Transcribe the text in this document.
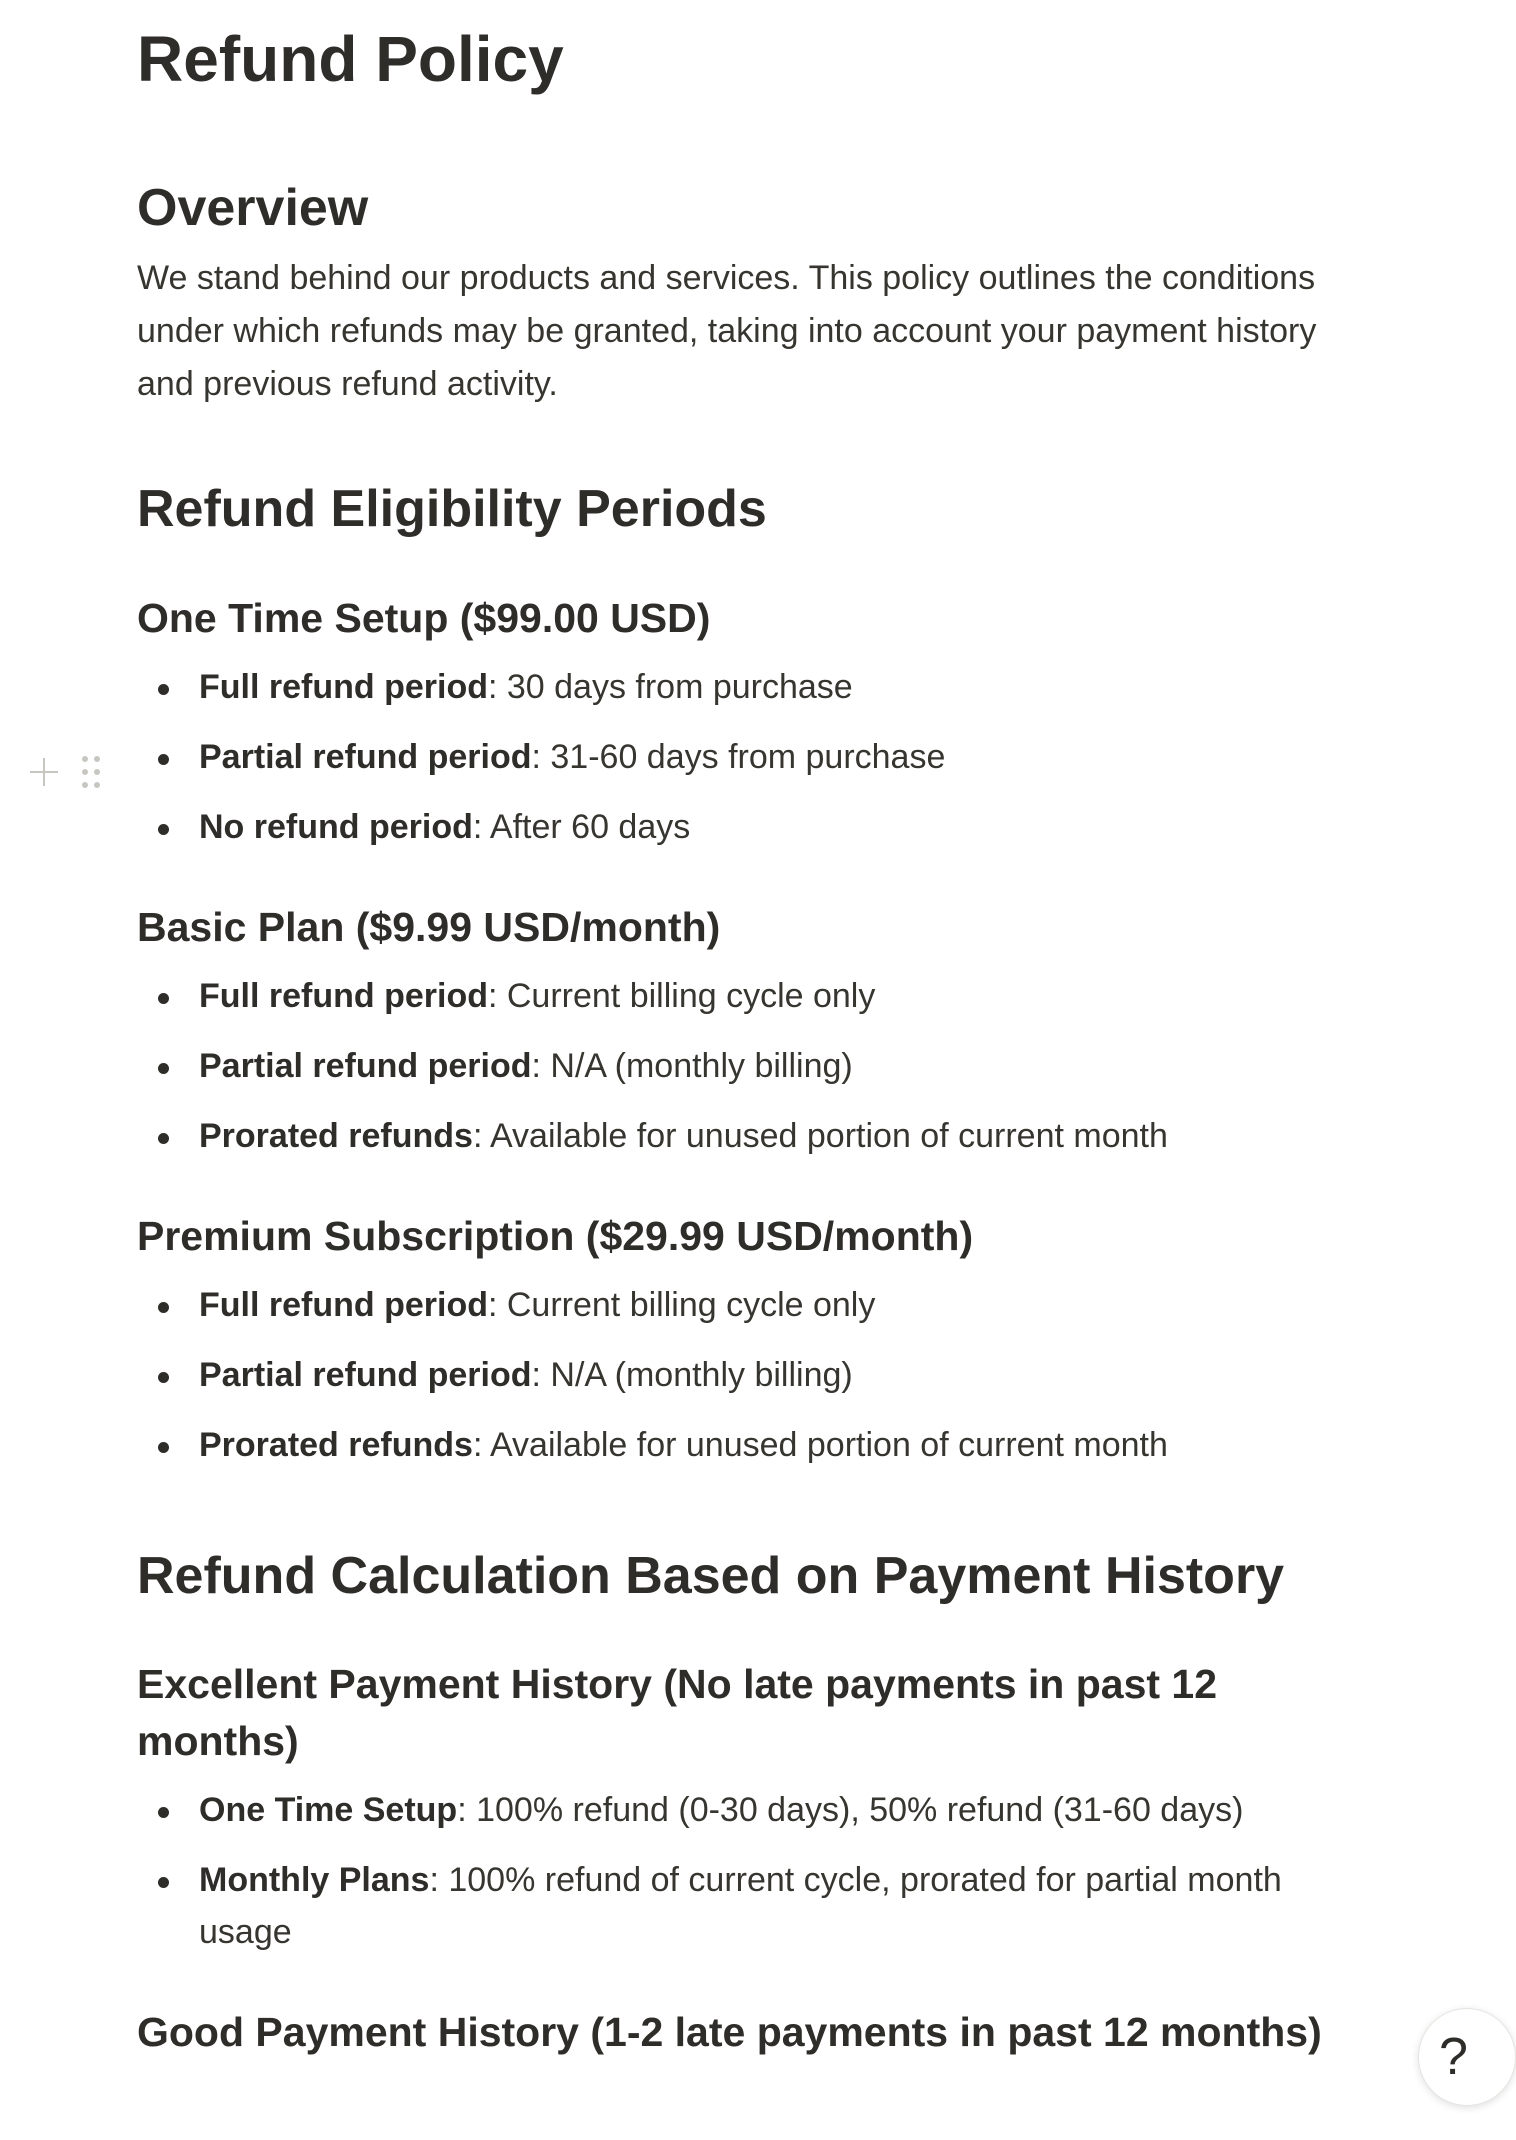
Refund Policy
Overview

We stand behind our products and services. This policy outlines the conditions under which refunds may be granted, taking into account your payment history and previous refund activity.

Refund Eligibility Periods
One Time Setup ($99.00 USD)
Full refund period: 30 days from purchase
Partial refund period: 31-60 days from purchase
No refund period: After 60 days
Basic Plan ($9.99 USD/month)
Full refund period: Current billing cycle only
Partial refund period: N/A (monthly billing)
Prorated refunds: Available for unused portion of current month
Premium Subscription ($29.99 USD/month)
Full refund period: Current billing cycle only
Partial refund period: N/A (monthly billing)
Prorated refunds: Available for unused portion of current month
Refund Calculation Based on Payment History
Excellent Payment History (No late payments in past 12 months)
One Time Setup: 100% refund (0-30 days), 50% refund (31-60 days)
Monthly Plans: 100% refund of current cycle, prorated for partial month usage
Good Payment History (1-2 late payments in past 12 months) ?
